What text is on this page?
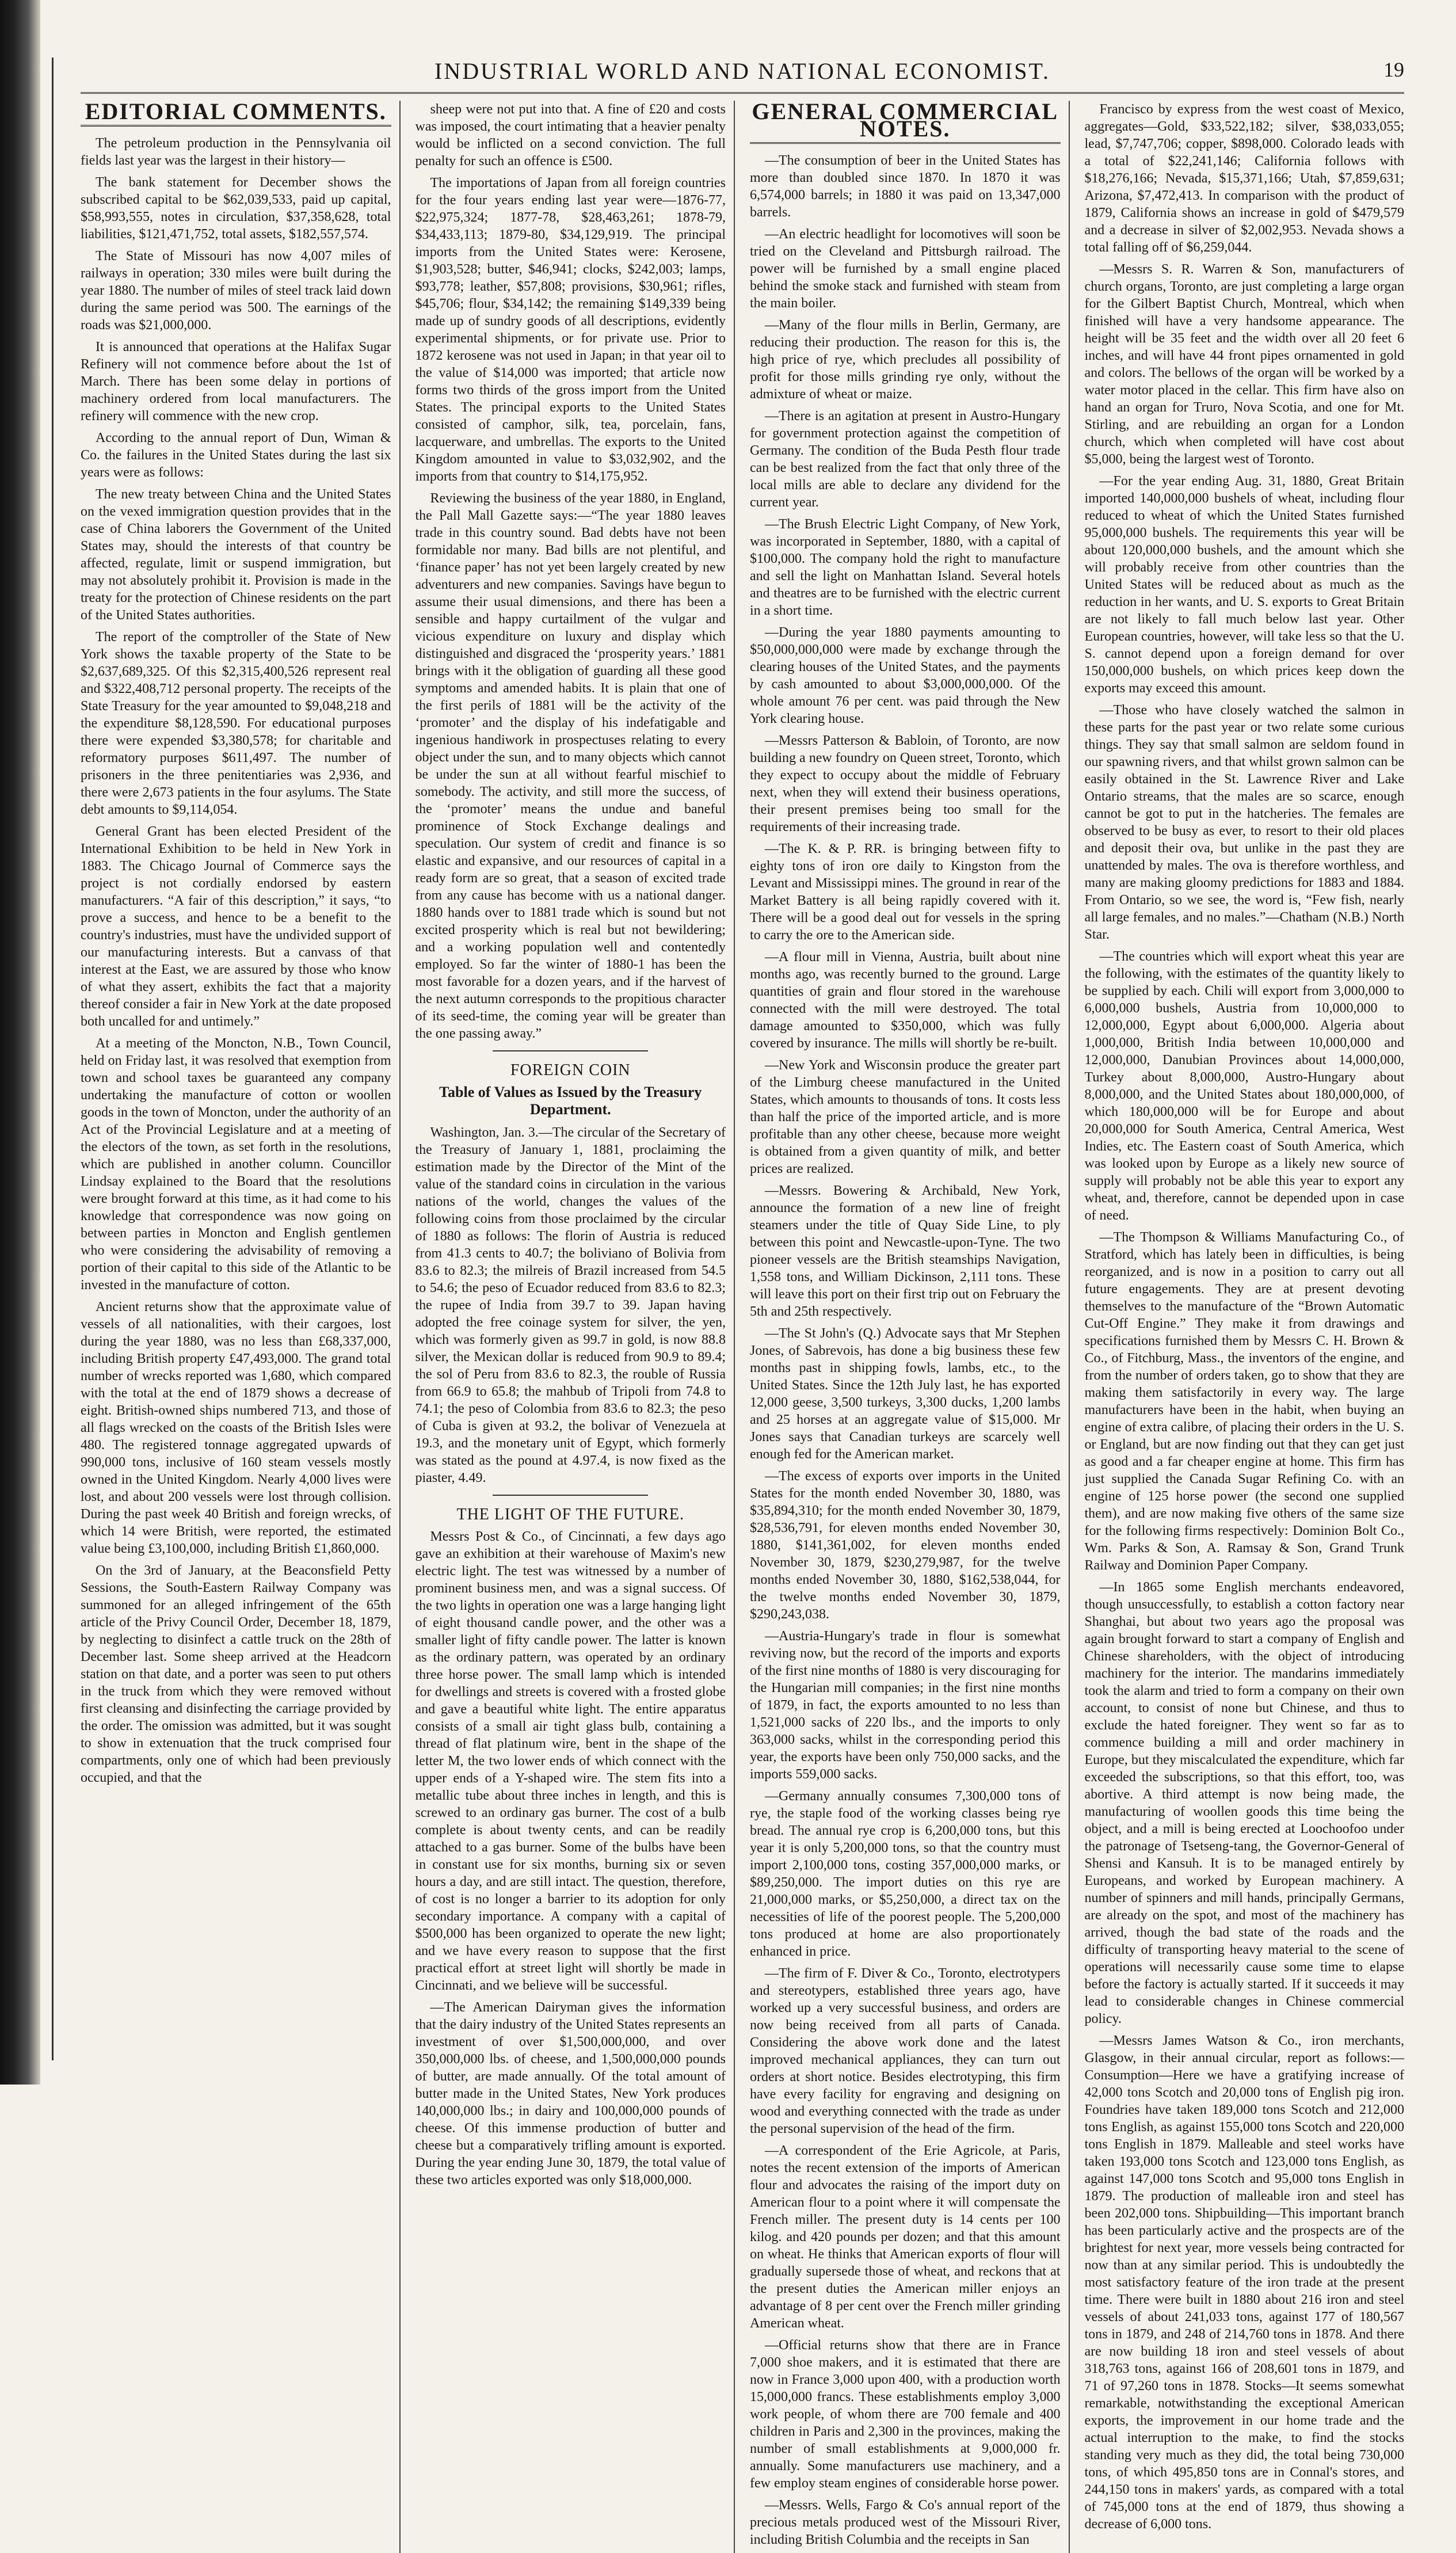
INDUSTRIAL WORLD AND NATIONAL ECONOMIST.	19
EDITORIAL COMMENTS.

The petroleum production in the Pennsylvania oil fields last year was the largest in their history—

The bank statement for December shows the subscribed capital to be $62,039,533, paid up capital, $58,993,555, notes in circulation, $37,358,628, total liabilities, $121,471,752, total assets, $182,557,574.

The State of Missouri has now 4,007 miles of railways in operation; 330 miles were built during the year 1880. The number of miles of steel track laid down during the same period was 500. The earnings of the roads was $21,000,000.

It is announced that operations at the Halifax Sugar Refinery will not commence before about the 1st of March. There has been some delay in portions of machinery ordered from local manufacturers. The refinery will commence with the new crop.

According to the annual report of Dun, Wiman & Co. the failures in the United States during the last six years were as follows:

The new treaty between China and the United States on the vexed immigration question provides that in the case of China laborers the Government of the United States may, should the interests of that country be affected, regulate, limit or suspend immigration, but may not absolutely prohibit it. Provision is made in the treaty for the protection of Chinese residents on the part of the United States authorities.

The report of the comptroller of the State of New York shows the taxable property of the State to be $2,637,689,325. Of this $2,315,400,526 represent real and $322,408,712 personal property. The receipts of the State Treasury for the year amounted to $9,048,218 and the expenditure $8,128,590. For educational purposes there were expended $3,380,578; for charitable and reformatory purposes $611,497. The number of prisoners in the three penitentiaries was 2,936, and there were 2,673 patients in the four asylums. The State debt amounts to $9,114,054.

General Grant has been elected President of the International Exhibition to be held in New York in 1883. The Chicago Journal of Commerce says the project is not cordially endorsed by eastern manufacturers. “A fair of this description,” it says, “to prove a success, and hence to be a benefit to the country's industries, must have the undivided support of our manufacturing interests. But a canvass of that interest at the East, we are assured by those who know of what they assert, exhibits the fact that a majority thereof consider a fair in New York at the date proposed both uncalled for and untimely.”

At a meeting of the Moncton, N.B., Town Council, held on Friday last, it was resolved that exemption from town and school taxes be guaranteed any company undertaking the manufacture of cotton or woollen goods in the town of Moncton, under the authority of an Act of the Provincial Legislature and at a meeting of the electors of the town, as set forth in the resolutions, which are published in another column. Councillor Lindsay explained to the Board that the resolutions were brought forward at this time, as it had come to his knowledge that correspondence was now going on between parties in Moncton and English gentlemen who were considering the advisability of removing a portion of their capital to this side of the Atlantic to be invested in the manufacture of cotton.

Ancient returns show that the approximate value of vessels of all nationalities, with their cargoes, lost during the year 1880, was no less than £68,337,000, including British property £47,493,000. The grand total number of wrecks reported was 1,680, which compared with the total at the end of 1879 shows a decrease of eight. British-owned ships numbered 713, and those of all flags wrecked on the coasts of the British Isles were 480. The registered tonnage aggregated upwards of 990,000 tons, inclusive of 160 steam vessels mostly owned in the United Kingdom. Nearly 4,000 lives were lost, and about 200 vessels were lost through collision. During the past week 40 British and foreign wrecks, of which 14 were British, were reported, the estimated value being £3,100,000, including British £1,860,000.

On the 3rd of January, at the Beaconsfield Petty Sessions, the South-Eastern Railway Company was summoned for an alleged infringement of the 65th article of the Privy Council Order, December 18, 1879, by neglecting to disinfect a cattle truck on the 28th of December last. Some sheep arrived at the Headcorn station on that date, and a porter was seen to put others in the truck from which they were removed without first cleansing and disinfecting the carriage provided by the order. The omission was admitted, but it was sought to show in extenuation that the truck comprised four compartments, only one of which had been previously occupied, and that the

sheep were not put into that. A fine of £20 and costs was imposed, the court intimating that a heavier penalty would be inflicted on a second conviction. The full penalty for such an offence is £500.

The importations of Japan from all foreign countries for the four years ending last year were—1876-77, $22,975,324; 1877-78, $28,463,261; 1878-79, $34,433,113; 1879-80, $34,129,919. The principal imports from the United States were: Kerosene, $1,903,528; butter, $46,941; clocks, $242,003; lamps, $93,778; leather, $57,808; provisions, $30,961; rifles, $45,706; flour, $34,142; the remaining $149,339 being made up of sundry goods of all descriptions, evidently experimental shipments, or for private use. Prior to 1872 kerosene was not used in Japan; in that year oil to the value of $14,000 was imported; that article now forms two thirds of the gross import from the United States. The principal exports to the United States consisted of camphor, silk, tea, porcelain, fans, lacquerware, and umbrellas. The exports to the United Kingdom amounted in value to $3,032,902, and the imports from that country to $14,175,952.

Reviewing the business of the year 1880, in England, the Pall Mall Gazette says:—“The year 1880 leaves trade in this country sound. Bad debts have not been formidable nor many. Bad bills are not plentiful, and ‘finance paper’ has not yet been largely created by new adventurers and new companies. Savings have begun to assume their usual dimensions, and there has been a sensible and happy curtailment of the vulgar and vicious expenditure on luxury and display which distinguished and disgraced the ‘prosperity years.’ 1881 brings with it the obligation of guarding all these good symptoms and amended habits. It is plain that one of the first perils of 1881 will be the activity of the ‘promoter’ and the display of his indefatigable and ingenious handiwork in prospectuses relating to every object under the sun, and to many objects which cannot be under the sun at all without fearful mischief to somebody. The activity, and still more the success, of the ‘promoter’ means the undue and baneful prominence of Stock Exchange dealings and speculation. Our system of credit and finance is so elastic and expansive, and our resources of capital in a ready form are so great, that a season of excited trade from any cause has become with us a national danger. 1880 hands over to 1881 trade which is sound but not excited prosperity which is real but not bewildering; and a working population well and contentedly employed. So far the winter of 1880-1 has been the most favorable for a dozen years, and if the harvest of the next autumn corresponds to the propitious character of its seed-time, the coming year will be greater than the one passing away.”

FOREIGN COIN
Table of Values as Issued by the Treasury Department.

Washington, Jan. 3.—The circular of the Secretary of the Treasury of January 1, 1881, proclaiming the estimation made by the Director of the Mint of the value of the standard coins in circulation in the various nations of the world, changes the values of the following coins from those proclaimed by the circular of 1880 as follows: The florin of Austria is reduced from 41.3 cents to 40.7; the boliviano of Bolivia from 83.6 to 82.3; the milreis of Brazil increased from 54.5 to 54.6; the peso of Ecuador reduced from 83.6 to 82.3; the rupee of India from 39.7 to 39. Japan having adopted the free coinage system for silver, the yen, which was formerly given as 99.7 in gold, is now 88.8 silver, the Mexican dollar is reduced from 90.9 to 89.4; the sol of Peru from 83.6 to 82.3, the rouble of Russia from 66.9 to 65.8; the mahbub of Tripoli from 74.8 to 74.1; the peso of Colombia from 83.6 to 82.3; the peso of Cuba is given at 93.2, the bolivar of Venezuela at 19.3, and the monetary unit of Egypt, which formerly was stated as the pound at 4.97.4, is now fixed as the piaster, 4.49.

THE LIGHT OF THE FUTURE.

Messrs Post & Co., of Cincinnati, a few days ago gave an exhibition at their warehouse of Maxim's new electric light. The test was witnessed by a number of prominent business men, and was a signal success. Of the two lights in operation one was a large hanging light of eight thousand candle power, and the other was a smaller light of fifty candle power. The latter is known as the ordinary pattern, was operated by an ordinary three horse power. The small lamp which is intended for dwellings and streets is covered with a frosted globe and gave a beautiful white light. The entire apparatus consists of a small air tight glass bulb, containing a thread of flat platinum wire, bent in the shape of the letter M, the two lower ends of which connect with the upper ends of a Y-shaped wire. The stem fits into a metallic tube about three inches in length, and this is screwed to an ordinary gas burner. The cost of a bulb complete is about twenty cents, and can be readily attached to a gas burner. Some of the bulbs have been in constant use for six months, burning six or seven hours a day, and are still intact. The question, therefore, of cost is no longer a barrier to its adoption for only secondary importance. A company with a capital of $500,000 has been organized to operate the new light; and we have every reason to suppose that the first practical effort at street light will shortly be made in Cincinnati, and we believe will be successful.

—The American Dairyman gives the information that the dairy industry of the United States represents an investment of over $1,500,000,000, and over 350,000,000 lbs. of cheese, and 1,500,000,000 pounds of butter, are made annually. Of the total amount of butter made in the United States, New York produces 140,000,000 lbs.; in dairy and 100,000,000 pounds of cheese. Of this immense production of butter and cheese but a comparatively trifling amount is exported. During the year ending June 30, 1879, the total value of these two articles exported was only $18,000,000.

GENERAL COMMERCIAL NOTES.

—The consumption of beer in the United States has more than doubled since 1870. In 1870 it was 6,574,000 barrels; in 1880 it was paid on 13,347,000 barrels.

—An electric headlight for locomotives will soon be tried on the Cleveland and Pittsburgh railroad. The power will be furnished by a small engine placed behind the smoke stack and furnished with steam from the main boiler.

—Many of the flour mills in Berlin, Germany, are reducing their production. The reason for this is, the high price of rye, which precludes all possibility of profit for those mills grinding rye only, without the admixture of wheat or maize.

—There is an agitation at present in Austro-Hungary for government protection against the competition of Germany. The condition of the Buda Pesth flour trade can be best realized from the fact that only three of the local mills are able to declare any dividend for the current year.

—The Brush Electric Light Company, of New York, was incorporated in September, 1880, with a capital of $100,000. The company hold the right to manufacture and sell the light on Manhattan Island. Several hotels and theatres are to be furnished with the electric current in a short time.

—During the year 1880 payments amounting to $50,000,000,000 were made by exchange through the clearing houses of the United States, and the payments by cash amounted to about $3,000,000,000. Of the whole amount 76 per cent. was paid through the New York clearing house.

—Messrs Patterson & Babloin, of Toronto, are now building a new foundry on Queen street, Toronto, which they expect to occupy about the middle of February next, when they will extend their business operations, their present premises being too small for the requirements of their increasing trade.

—The K. & P. RR. is bringing between fifty to eighty tons of iron ore daily to Kingston from the Levant and Mississippi mines. The ground in rear of the Market Battery is all being rapidly covered with it. There will be a good deal out for vessels in the spring to carry the ore to the American side.

—A flour mill in Vienna, Austria, built about nine months ago, was recently burned to the ground. Large quantities of grain and flour stored in the warehouse connected with the mill were destroyed. The total damage amounted to $350,000, which was fully covered by insurance. The mills will shortly be re-built.

—New York and Wisconsin produce the greater part of the Limburg cheese manufactured in the United States, which amounts to thousands of tons. It costs less than half the price of the imported article, and is more profitable than any other cheese, because more weight is obtained from a given quantity of milk, and better prices are realized.

—Messrs. Bowering & Archibald, New York, announce the formation of a new line of freight steamers under the title of Quay Side Line, to ply between this point and Newcastle-upon-Tyne. The two pioneer vessels are the British steamships Navigation, 1,558 tons, and William Dickinson, 2,111 tons. These will leave this port on their first trip out on February the 5th and 25th respectively.

—The St John's (Q.) Advocate says that Mr Stephen Jones, of Sabrevois, has done a big business these few months past in shipping fowls, lambs, etc., to the United States. Since the 12th July last, he has exported 12,000 geese, 3,500 turkeys, 3,300 ducks, 1,200 lambs and 25 horses at an aggregate value of $15,000. Mr Jones says that Canadian turkeys are scarcely well enough fed for the American market.

—The excess of exports over imports in the United States for the month ended November 30, 1880, was $35,894,310; for the month ended November 30, 1879, $28,536,791, for eleven months ended November 30, 1880, $141,361,002, for eleven months ended November 30, 1879, $230,279,987, for the twelve months ended November 30, 1880, $162,538,044, for the twelve months ended November 30, 1879, $290,243,038.

—Austria-Hungary's trade in flour is somewhat reviving now, but the record of the imports and exports of the first nine months of 1880 is very discouraging for the Hungarian mill companies; in the first nine months of 1879, in fact, the exports amounted to no less than 1,521,000 sacks of 220 lbs., and the imports to only 363,000 sacks, whilst in the corresponding period this year, the exports have been only 750,000 sacks, and the imports 559,000 sacks.

—Germany annually consumes 7,300,000 tons of rye, the staple food of the working classes being rye bread. The annual rye crop is 6,200,000 tons, but this year it is only 5,200,000 tons, so that the country must import 2,100,000 tons, costing 357,000,000 marks, or $89,250,000. The import duties on this rye are 21,000,000 marks, or $5,250,000, a direct tax on the necessities of life of the poorest people. The 5,200,000 tons produced at home are also proportionately enhanced in price.

—The firm of F. Diver & Co., Toronto, electrotypers and stereotypers, established three years ago, have worked up a very successful business, and orders are now being received from all parts of Canada. Considering the above work done and the latest improved mechanical appliances, they can turn out orders at short notice. Besides electrotyping, this firm have every facility for engraving and designing on wood and everything connected with the trade as under the personal supervision of the head of the firm.

—A correspondent of the Erie Agricole, at Paris, notes the recent extension of the imports of American flour and advocates the raising of the import duty on American flour to a point where it will compensate the French miller. The present duty is 14 cents per 100 kilog. and 420 pounds per dozen; and that this amount on wheat. He thinks that American exports of flour will gradually supersede those of wheat, and reckons that at the present duties the American miller enjoys an advantage of 8 per cent over the French miller grinding American wheat.

—Official returns show that there are in France 7,000 shoe makers, and it is estimated that there are now in France 3,000 upon 400, with a production worth 15,000,000 francs. These establishments employ 3,000 work people, of whom there are 700 female and 400 children in Paris and 2,300 in the provinces, making the number of small establishments at 9,000,000 fr. annually. Some manufacturers use machinery, and a few employ steam engines of considerable horse power.

—Messrs. Wells, Fargo & Co's annual report of the precious metals produced west of the Missouri River, including British Columbia and the receipts in San

Francisco by express from the west coast of Mexico, aggregates—Gold, $33,522,182; silver, $38,033,055; lead, $7,747,706; copper, $898,000. Colorado leads with a total of $22,241,146; California follows with $18,276,166; Nevada, $15,371,166; Utah, $7,859,631; Arizona, $7,472,413. In comparison with the product of 1879, California shows an increase in gold of $479,579 and a decrease in silver of $2,002,953. Nevada shows a total falling off of $6,259,044.

—Messrs S. R. Warren & Son, manufacturers of church organs, Toronto, are just completing a large organ for the Gilbert Baptist Church, Montreal, which when finished will have a very handsome appearance. The height will be 35 feet and the width over all 20 feet 6 inches, and will have 44 front pipes ornamented in gold and colors. The bellows of the organ will be worked by a water motor placed in the cellar. This firm have also on hand an organ for Truro, Nova Scotia, and one for Mt. Stirling, and are rebuilding an organ for a London church, which when completed will have cost about $5,000, being the largest west of Toronto.

—For the year ending Aug. 31, 1880, Great Britain imported 140,000,000 bushels of wheat, including flour reduced to wheat of which the United States furnished 95,000,000 bushels. The requirements this year will be about 120,000,000 bushels, and the amount which she will probably receive from other countries than the United States will be reduced about as much as the reduction in her wants, and U. S. exports to Great Britain are not likely to fall much below last year. Other European countries, however, will take less so that the U. S. cannot depend upon a foreign demand for over 150,000,000 bushels, on which prices keep down the exports may exceed this amount.

—Those who have closely watched the salmon in these parts for the past year or two relate some curious things. They say that small salmon are seldom found in our spawning rivers, and that whilst grown salmon can be easily obtained in the St. Lawrence River and Lake Ontario streams, that the males are so scarce, enough cannot be got to put in the hatcheries. The females are observed to be busy as ever, to resort to their old places and deposit their ova, but unlike in the past they are unattended by males. The ova is therefore worthless, and many are making gloomy predictions for 1883 and 1884. From Ontario, so we see, the word is, “Few fish, nearly all large females, and no males.”—Chatham (N.B.) North Star.

—The countries which will export wheat this year are the following, with the estimates of the quantity likely to be supplied by each. Chili will export from 3,000,000 to 6,000,000 bushels, Austria from 10,000,000 to 12,000,000, Egypt about 6,000,000. Algeria about 1,000,000, British India between 10,000,000 and 12,000,000, Danubian Provinces about 14,000,000, Turkey about 8,000,000, Austro-Hungary about 8,000,000, and the United States about 180,000,000, of which 180,000,000 will be for Europe and about 20,000,000 for South America, Central America, West Indies, etc. The Eastern coast of South America, which was looked upon by Europe as a likely new source of supply will probably not be able this year to export any wheat, and, therefore, cannot be depended upon in case of need.

—The Thompson & Williams Manufacturing Co., of Stratford, which has lately been in difficulties, is being reorganized, and is now in a position to carry out all future engagements. They are at present devoting themselves to the manufacture of the “Brown Automatic Cut-Off Engine.” They make it from drawings and specifications furnished them by Messrs C. H. Brown & Co., of Fitchburg, Mass., the inventors of the engine, and from the number of orders taken, go to show that they are making them satisfactorily in every way. The large manufacturers have been in the habit, when buying an engine of extra calibre, of placing their orders in the U. S. or England, but are now finding out that they can get just as good and a far cheaper engine at home. This firm has just supplied the Canada Sugar Refining Co. with an engine of 125 horse power (the second one supplied them), and are now making five others of the same size for the following firms respectively: Dominion Bolt Co., Wm. Parks & Son, A. Ramsay & Son, Grand Trunk Railway and Dominion Paper Company.

—In 1865 some English merchants endeavored, though unsuccessfully, to establish a cotton factory near Shanghai, but about two years ago the proposal was again brought forward to start a company of English and Chinese shareholders, with the object of introducing machinery for the interior. The mandarins immediately took the alarm and tried to form a company on their own account, to consist of none but Chinese, and thus to exclude the hated foreigner. They went so far as to commence building a mill and order machinery in Europe, but they miscalculated the expenditure, which far exceeded the subscriptions, so that this effort, too, was abortive. A third attempt is now being made, the manufacturing of woollen goods this time being the object, and a mill is being erected at Loochoofoo under the patronage of Tsetseng-tang, the Governor-General of Shensi and Kansuh. It is to be managed entirely by Europeans, and worked by European machinery. A number of spinners and mill hands, principally Germans, are already on the spot, and most of the machinery has arrived, though the bad state of the roads and the difficulty of transporting heavy material to the scene of operations will necessarily cause some time to elapse before the factory is actually started. If it succeeds it may lead to considerable changes in Chinese commercial policy.

—Messrs James Watson & Co., iron merchants, Glasgow, in their annual circular, report as follows:—Consumption—Here we have a gratifying increase of 42,000 tons Scotch and 20,000 tons of English pig iron. Foundries have taken 189,000 tons Scotch and 212,000 tons English, as against 155,000 tons Scotch and 220,000 tons English in 1879. Malleable and steel works have taken 193,000 tons Scotch and 123,000 tons English, as against 147,000 tons Scotch and 95,000 tons English in 1879. The production of malleable iron and steel has been 202,000 tons. Shipbuilding—This important branch has been particularly active and the prospects are of the brightest for next year, more vessels being contracted for now than at any similar period. This is undoubtedly the most satisfactory feature of the iron trade at the present time. There were built in 1880 about 216 iron and steel vessels of about 241,033 tons, against 177 of 180,567 tons in 1879, and 248 of 214,760 tons in 1878. And there are now building 18 iron and steel vessels of about 318,763 tons, against 166 of 208,601 tons in 1879, and 71 of 97,260 tons in 1878. Stocks—It seems somewhat remarkable, notwithstanding the exceptional American exports, the improvement in our home trade and the actual interruption to the make, to find the stocks standing very much as they did, the total being 730,000 tons, of which 495,850 tons are in Connal's stores, and 244,150 tons in makers' yards, as compared with a total of 745,000 tons at the end of 1879, thus showing a decrease of 6,000 tons.
